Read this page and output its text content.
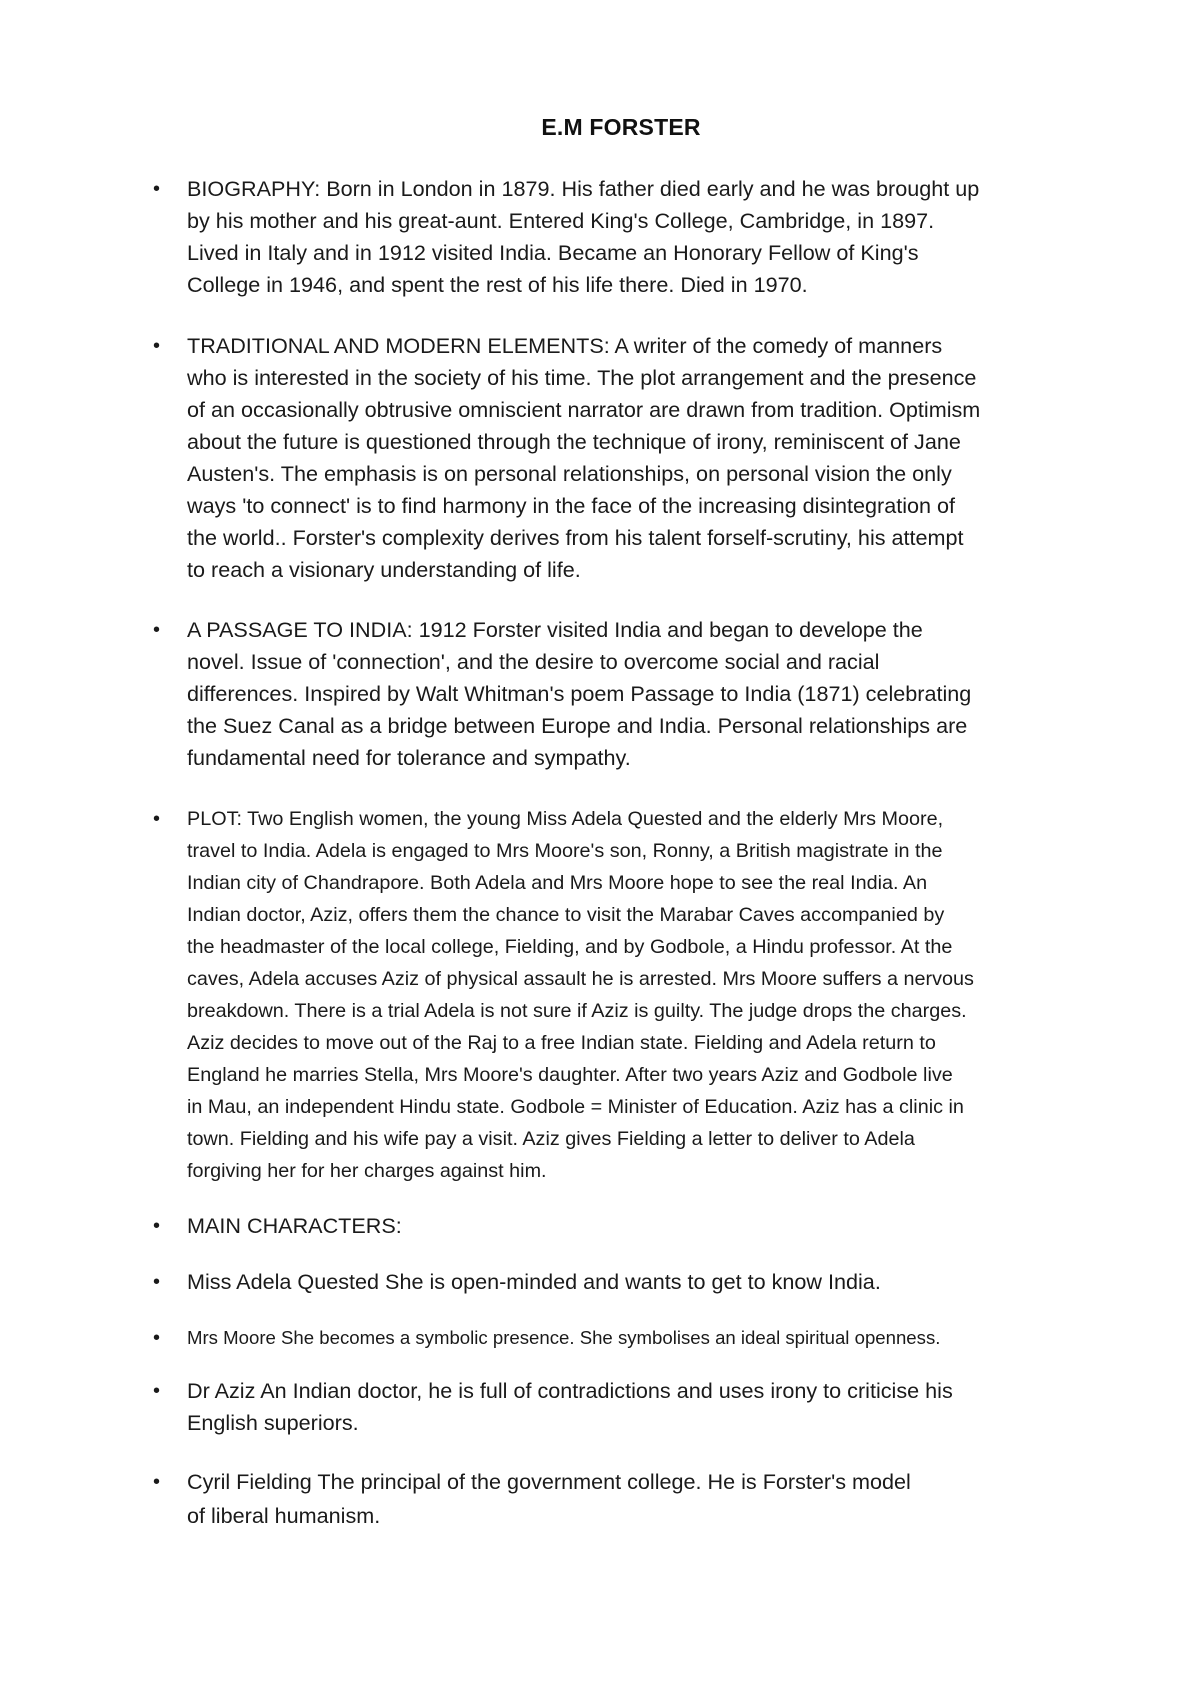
E.M FORSTER
•	BIOGRAPHY: Born in London in 1879. His father died early and he was brought up
by his mother and his great-aunt. Entered King's College, Cambridge, in 1897.
Lived in Italy and in 1912 visited India. Became an Honorary Fellow of King's
College in 1946, and spent the rest of his life there. Died in 1970.
•	TRADITIONAL AND MODERN ELEMENTS: A writer of the comedy of manners
who is interested in the society of his time. The plot arrangement and the presence
of an occasionally obtrusive omniscient narrator are drawn from tradition. Optimism
about the future is questioned through the technique of irony, reminiscent of Jane
Austen's. The emphasis is on personal relationships, on personal vision the only
ways 'to connect' is to find harmony in the face of the increasing disintegration of
the world.. Forster's complexity derives from his talent forself-scrutiny, his attempt
to reach a visionary understanding of life.
•	A PASSAGE TO INDIA: 1912 Forster visited India and began to develope the
novel. Issue of 'connection', and the desire to overcome social and racial
differences. Inspired by Walt Whitman's poem Passage to India (1871) celebrating
the Suez Canal as a bridge between Europe and India. Personal relationships are
fundamental need for tolerance and sympathy.
•	PLOT: Two English women, the young Miss Adela Quested and the elderly Mrs Moore,
travel to India. Adela is engaged to Mrs Moore's son, Ronny, a British magistrate in the
Indian city of Chandrapore. Both Adela and Mrs Moore hope to see the real India. An
Indian doctor, Aziz, offers them the chance to visit the Marabar Caves accompanied by
the headmaster of the local college, Fielding, and by Godbole, a Hindu professor. At the
caves, Adela accuses Aziz of physical assault he is arrested. Mrs Moore suffers a nervous
breakdown. There is a trial Adela is not sure if Aziz is guilty. The judge drops the charges.
Aziz decides to move out of the Raj to a free Indian state. Fielding and Adela return to
England he marries Stella, Mrs Moore's daughter. After two years Aziz and Godbole live
in Mau, an independent Hindu state. Godbole = Minister of Education. Aziz has a clinic in
town. Fielding and his wife pay a visit. Aziz gives Fielding a letter to deliver to Adela
forgiving her for her charges against him.
•	MAIN CHARACTERS:
•	Miss Adela Quested She is open-minded and wants to get to know India.
•	Mrs Moore She becomes a symbolic presence. She symbolises an ideal spiritual openness.
•	Dr Aziz An Indian doctor, he is full of contradictions and uses irony to criticise his
English superiors.
•	Cyril Fielding The principal of the government college. He is Forster's model
of liberal humanism.
